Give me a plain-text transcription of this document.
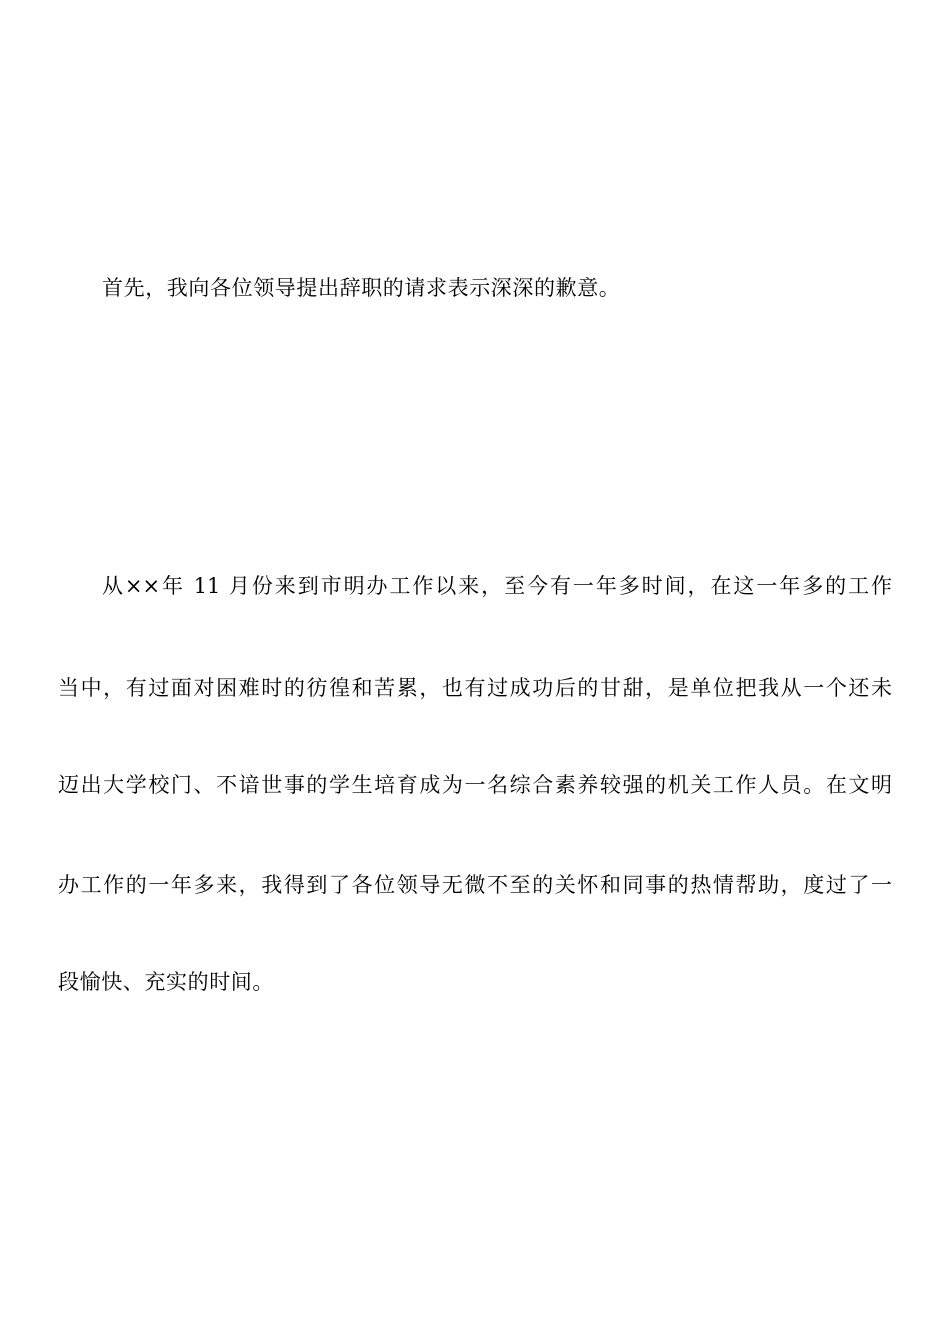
首先，我向各位领导提出辞职的请求表示深深的歉意。
从××年 11 月份来到市明办工作以来，至今有一年多时间，在这一年多的工作
当中，有过面对困难时的彷徨和苦累，也有过成功后的甘甜，是单位把我从一个还未
迈出大学校门、不谙世事的学生培育成为一名综合素养较强的机关工作人员。在文明
办工作的一年多来，我得到了各位领导无微不至的关怀和同事的热情帮助，度过了一
段愉快、充实的时间。
